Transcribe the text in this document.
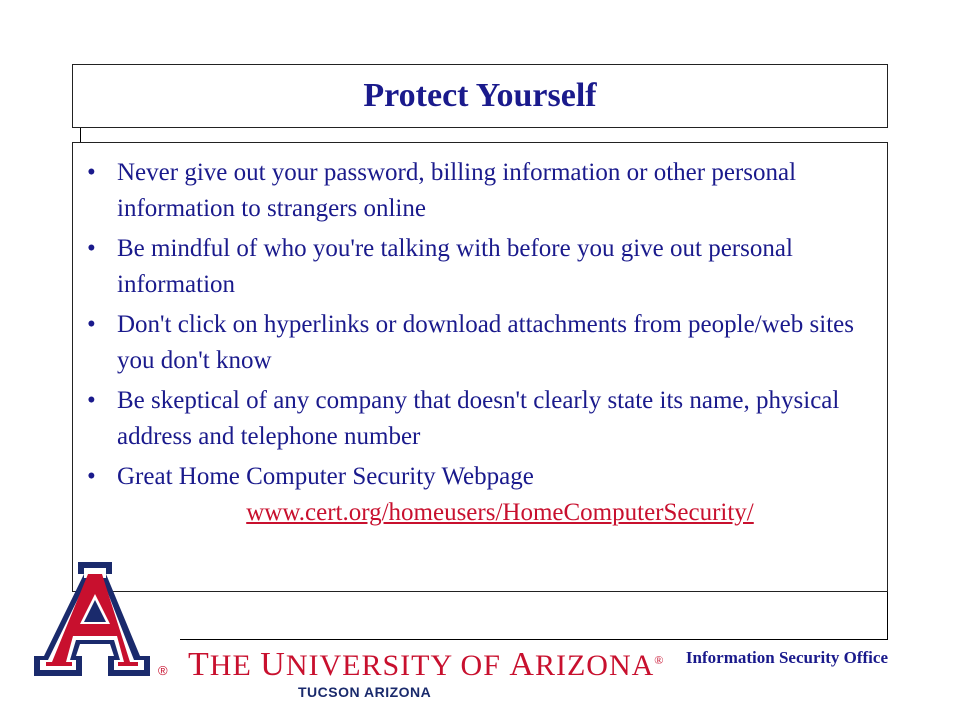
Protect Yourself
• Never give out your password, billing information or other personal information to strangers online
• Be mindful of who you're talking with before you give out personal information
• Don't click on hyperlinks or download attachments from people/web sites you don't know
• Be skeptical of any company that doesn't clearly state its name, physical address and telephone number
• Great Home Computer Security Webpage
www.cert.org/homeusers/HomeComputerSecurity/
® THE UNIVERSITY OF ARIZONA®
TUCSON ARIZONA
Information Security Office
